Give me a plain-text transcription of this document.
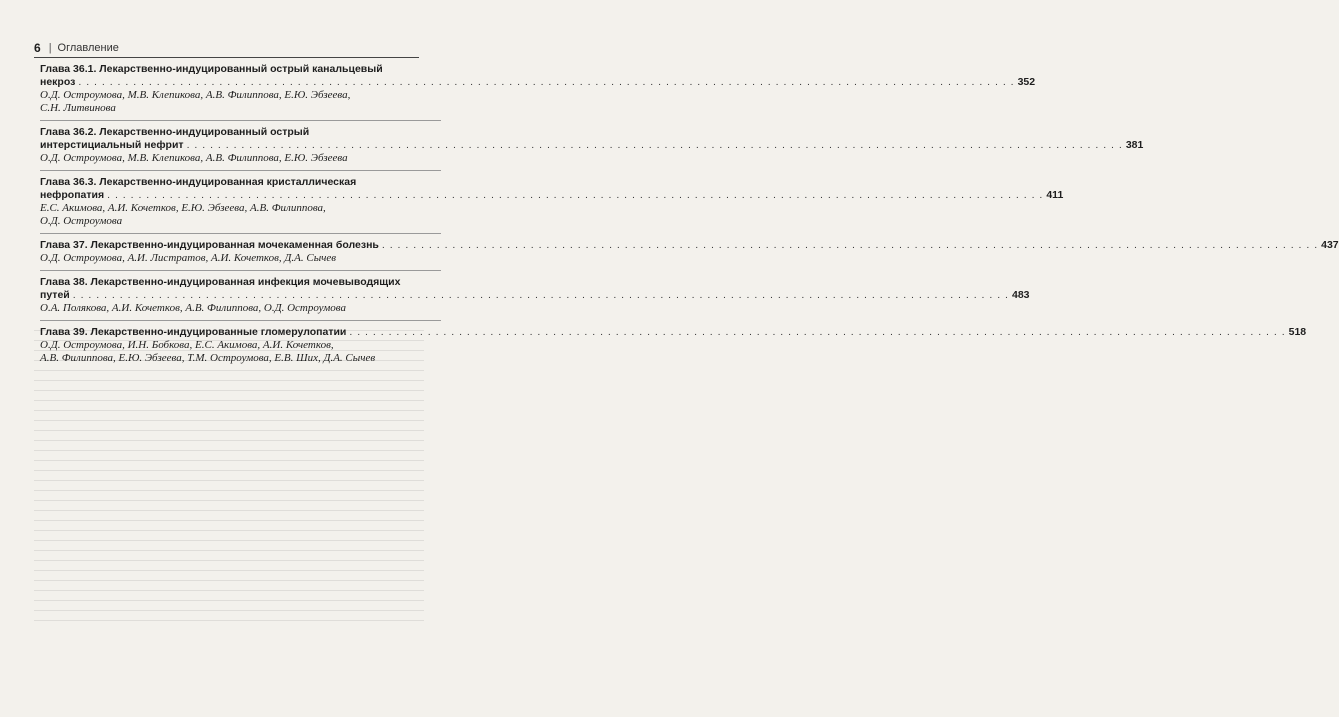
6 | Оглавление
Глава 36.1. Лекарственно-индуцированный острый канальцевый
некроз . . . . . . . . . . . . . . . . . . . . . . . . . . . . . . . . . . . . . . . . . . . . . . . . . . . . . . . . . . . . . . . . . . . . . . . . . . . . . . . . . . . . . . . . . . . . . . . . . . . . . . . . . . . . . . . . . . . . . . . . 352
О.Д. Остроумова, М.В. Клепикова, А.В. Филиппова, Е.Ю. Эбзеева,
С.Н. Литвинова
Глава 36.2. Лекарственно-индуцированный острый
интерстициальный нефрит . . . . . . . . . . . . . . . . . . . . . . . . . . . . . . . . . . . . . . . . . . . . . . . . . . . . . . . . . . . . . . . . . . . . . . . . . . . . . . . . . . . . . . . . . . . . . . . . . . . . . . . . . . . . . . . . . . . . . . . . 381
О.Д. Остроумова, М.В. Клепикова, А.В. Филиппова, Е.Ю. Эбзеева
Глава 36.3. Лекарственно-индуцированная кристаллическая
нефропатия . . . . . . . . . . . . . . . . . . . . . . . . . . . . . . . . . . . . . . . . . . . . . . . . . . . . . . . . . . . . . . . . . . . . . . . . . . . . . . . . . . . . . . . . . . . . . . . . . . . . . . . . . . . . . . . . . . . . . . . . 411
Е.С. Акимова, А.И. Кочетков, Е.Ю. Эбзеева, А.В. Филиппова,
О.Д. Остроумова
Глава 37. Лекарственно-индуцированная мочекаменная болезнь . . . . . . . . . . . . . . . . . . . . . . . . . . . . . . . . . . . . . . . . . . . . . . . . . . . . . . . . . . . . . . . . . . . . . . . . . . . . . . . . . . . . . . . . . . . . . . . . . . . . . . . . . . . . . . . . . . . . . . . . 437
О.Д. Остроумова, А.И. Листратов, А.И. Кочетков, Д.А. Сычев
Глава 38. Лекарственно-индуцированная инфекция мочевыводящих
путей . . . . . . . . . . . . . . . . . . . . . . . . . . . . . . . . . . . . . . . . . . . . . . . . . . . . . . . . . . . . . . . . . . . . . . . . . . . . . . . . . . . . . . . . . . . . . . . . . . . . . . . . . . . . . . . . . . . . . . . . 483
О.А. Полякова, А.И. Кочетков, А.В. Филиппова, О.Д. Остроумова
Глава 39. Лекарственно-индуцированные гломерулопатии . . . . . . . . . . . . . . . . . . . . . . . . . . . . . . . . . . . . . . . . . . . . . . . . . . . . . . . . . . . . . . . . . . . . . . . . . . . . . . . . . . . . . . . . . . . . . . . . . . . . . . . . . . . . . . . . . . . . . . . . 518
О.Д. Остроумова, И.Н. Бобкова, Е.С. Акимова, А.И. Кочетков,
А.В. Филиппова, Е.Ю. Эбзеева, Т.М. Остроумова, Е.В. Ших, Д.А. Сычев
